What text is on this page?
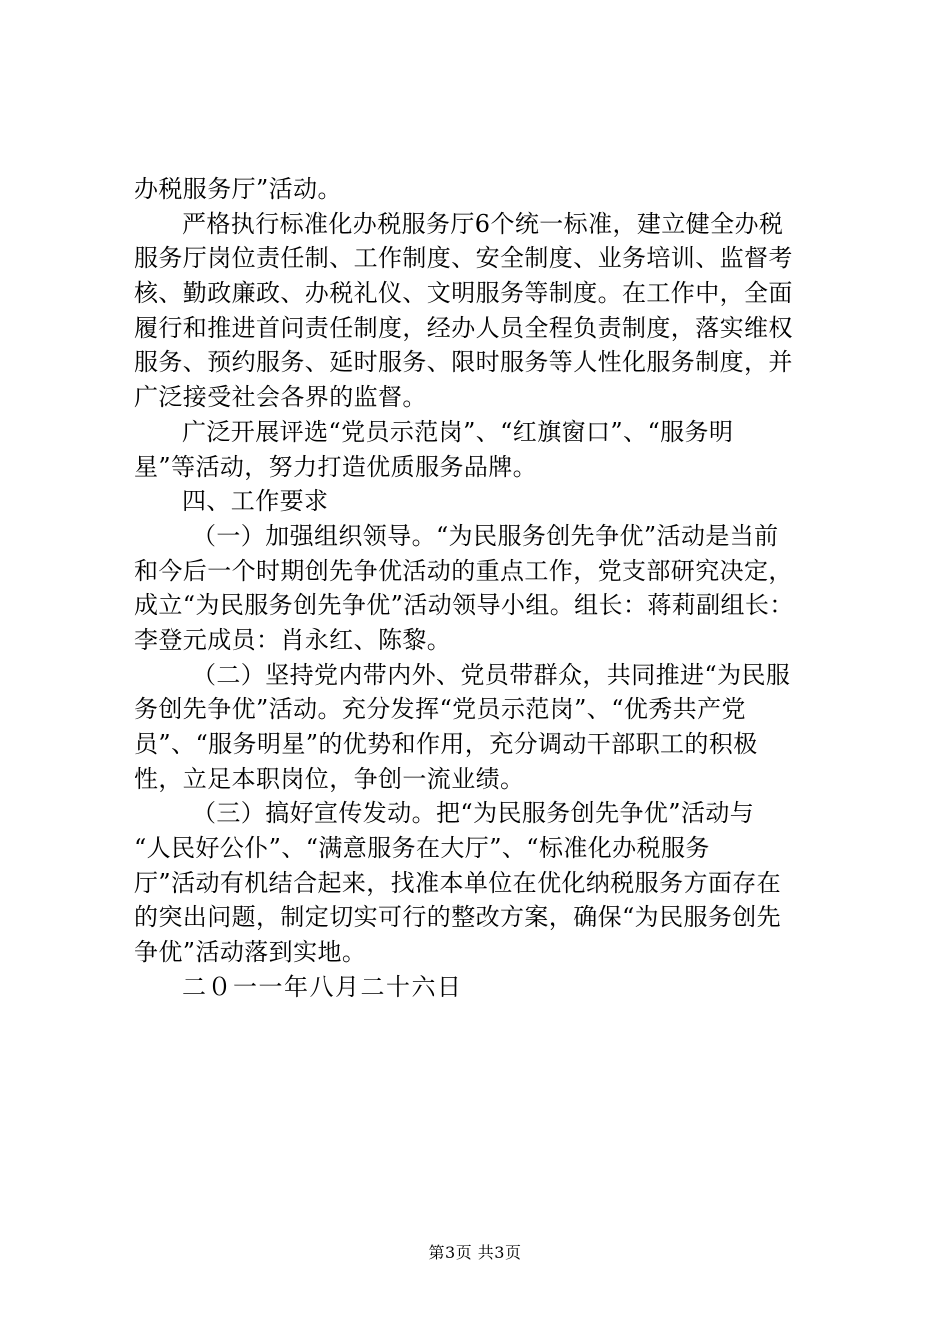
办税服务厅”活动。
严格执行标准化办税服务厅6个统一标准，建立健全办税
服务厅岗位责任制、工作制度、安全制度、业务培训、监督考
核、勤政廉政、办税礼仪、文明服务等制度。在工作中，全面
履行和推进首问责任制度，经办人员全程负责制度，落实维权
服务、预约服务、延时服务、限时服务等人性化服务制度，并
广泛接受社会各界的监督。
广泛开展评选“党员示范岗”、“红旗窗口”、“服务明
星”等活动，努力打造优质服务品牌。
四、工作要求
（一）加强组织领导。“为民服务创先争优”活动是当前
和今后一个时期创先争优活动的重点工作，党支部研究决定，
成立“为民服务创先争优”活动领导小组。组长：蒋莉副组长：
李登元成员：肖永红、陈黎。
（二）坚持党内带内外、党员带群众，共同推进“为民服
务创先争优”活动。充分发挥“党员示范岗”、“优秀共产党
员”、“服务明星”的优势和作用，充分调动干部职工的积极
性，立足本职岗位，争创一流业绩。
（三）搞好宣传发动。把“为民服务创先争优”活动与
“人民好公仆”、“满意服务在大厅”、“标准化办税服务
厅”活动有机结合起来，找准本单位在优化纳税服务方面存在
的突出问题，制定切实可行的整改方案，确保“为民服务创先
争优”活动落到实地。
二０一一年八月二十六日
第3页 共3页
